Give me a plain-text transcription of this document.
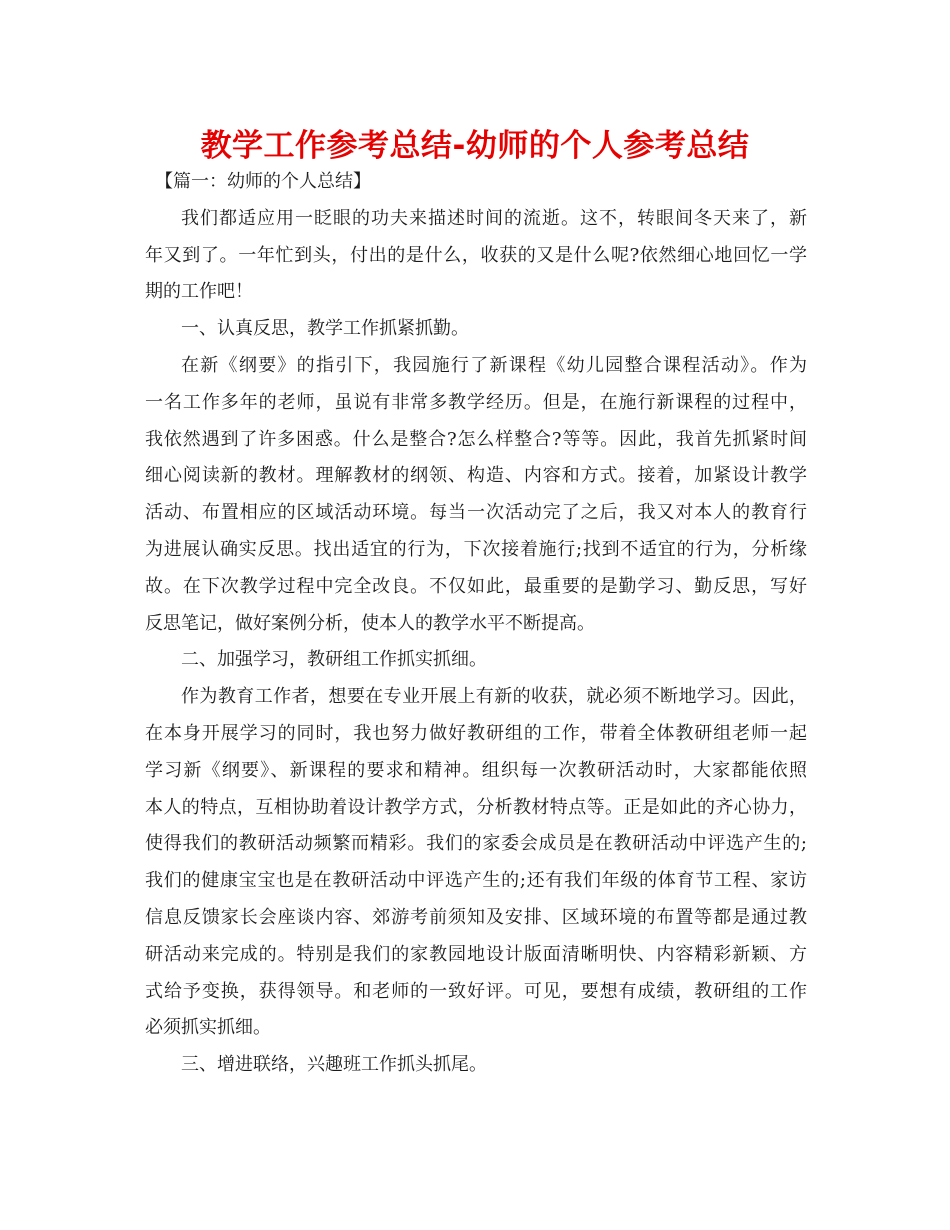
教学工作参考总结-幼师的个人参考总结
【篇一：幼师的个人总结】
我们都适应用一眨眼的功夫来描述时间的流逝。这不，转眼间冬天来了，新
年又到了。一年忙到头，付出的是什么，收获的又是什么呢?依然细心地回忆一学
期的工作吧！
一、认真反思，教学工作抓紧抓勤。
在新《纲要》的指引下，我园施行了新课程《幼儿园整合课程活动》。作为
一名工作多年的老师，虽说有非常多教学经历。但是，在施行新课程的过程中，
我依然遇到了许多困惑。什么是整合?怎么样整合?等等。因此，我首先抓紧时间
细心阅读新的教材。理解教材的纲领、构造、内容和方式。接着，加紧设计教学
活动、布置相应的区域活动环境。每当一次活动完了之后，我又对本人的教育行
为进展认确实反思。找出适宜的行为，下次接着施行;找到不适宜的行为，分析缘
故。在下次教学过程中完全改良。不仅如此，最重要的是勤学习、勤反思，写好
反思笔记，做好案例分析，使本人的教学水平不断提高。
二、加强学习，教研组工作抓实抓细。
作为教育工作者，想要在专业开展上有新的收获，就必须不断地学习。因此，
在本身开展学习的同时，我也努力做好教研组的工作，带着全体教研组老师一起
学习新《纲要》、新课程的要求和精神。组织每一次教研活动时，大家都能依照
本人的特点，互相协助着设计教学方式，分析教材特点等。正是如此的齐心协力，
使得我们的教研活动频繁而精彩。我们的家委会成员是在教研活动中评选产生的;
我们的健康宝宝也是在教研活动中评选产生的;还有我们年级的体育节工程、家访
信息反馈家长会座谈内容、郊游考前须知及安排、区域环境的布置等都是通过教
研活动来完成的。特别是我们的家教园地设计版面清晰明快、内容精彩新颖、方
式给予变换，获得领导。和老师的一致好评。可见，要想有成绩，教研组的工作
必须抓实抓细。
三、增进联络，兴趣班工作抓头抓尾。
